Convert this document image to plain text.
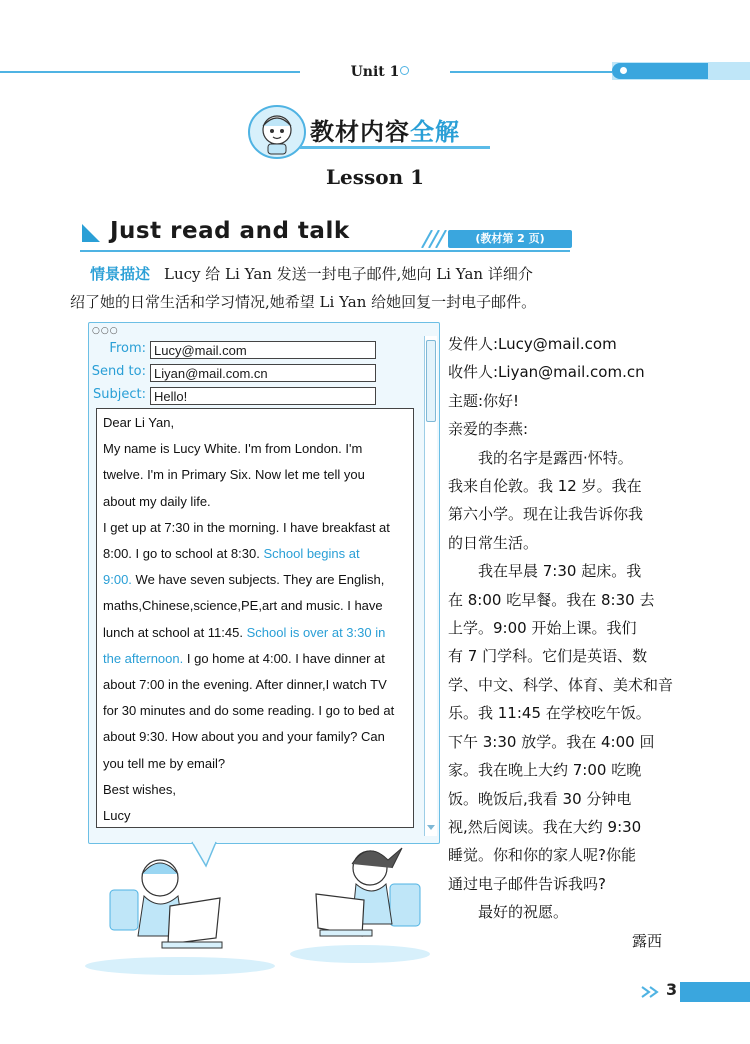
Unit 1
教材内容全解
Lesson 1
Just read and talk	(教材第 2 页)
情景描述 Lucy 给 Li Yan 发送一封电子邮件,她向 Li Yan 详细介
绍了她的日常生活和学习情况,她希望 Li Yan 给她回复一封电子邮件。
○○○
From: Lucy@mail.com
Send to: Liyan@mail.com.cn
Subject: Hello!
Dear Li Yan,
My name is Lucy White. I'm from London. I'm
twelve. I'm in Primary Six. Now let me tell you
about my daily life.
I get up at 7:30 in the morning. I have breakfast at
8:00. I go to school at 8:30. School begins at
9:00. We have seven subjects. They are English,
maths,Chinese,science,PE,art and music. I have
lunch at school at 11:45. School is over at 3:30 in
the afternoon. I go home at 4:00. I have dinner at
about 7:00 in the evening. After dinner,I watch TV
for 30 minutes and do some reading. I go to bed at
about 9:30. How about you and your family? Can
you tell me by email?
Best wishes,
Lucy
发件人:Lucy@mail.com
收件人:Liyan@mail.com.cn
主题:你好!
亲爱的李燕:
我的名字是露西·怀特。
我来自伦敦。我 12 岁。我在
第六小学。现在让我告诉你我
的日常生活。
我在早晨 7:30 起床。我
在 8:00 吃早餐。我在 8:30 去
上学。9:00 开始上课。我们
有 7 门学科。它们是英语、数
学、中文、科学、体育、美术和音
乐。我 11:45 在学校吃午饭。
下午 3:30 放学。我在 4:00 回
家。我在晚上大约 7:00 吃晚
饭。晚饭后,我看 30 分钟电
视,然后阅读。我在大约 9:30
睡觉。你和你的家人呢?你能
通过电子邮件告诉我吗?
最好的祝愿。
露西
3
